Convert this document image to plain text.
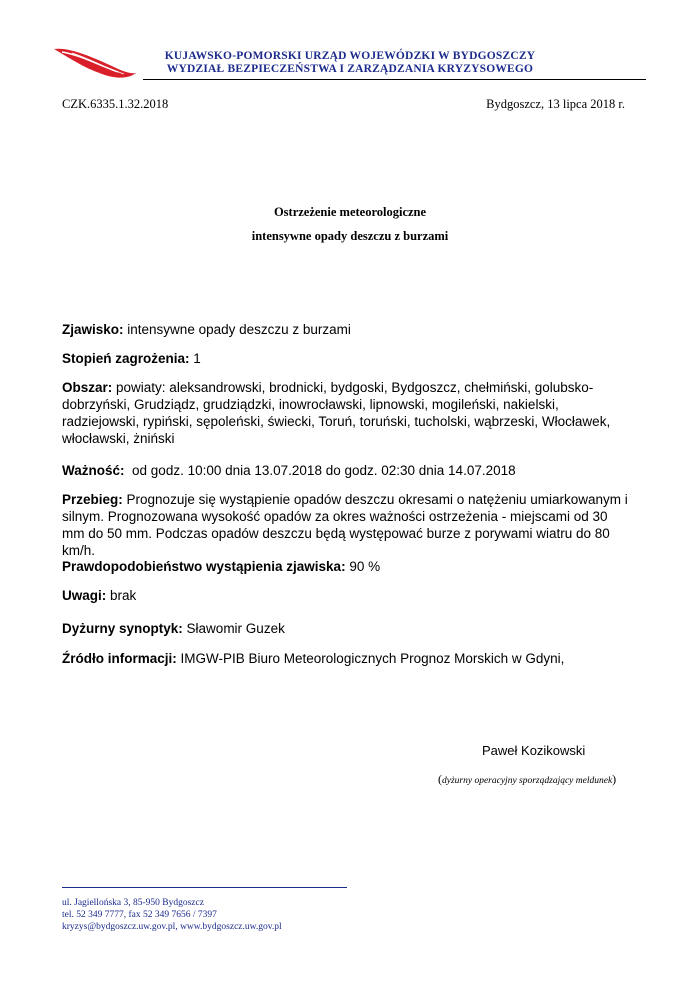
KUJAWSKO-POMORSKI URZĄD WOJEWÓDZKI W BYDGOSZCZY
WYDZIAŁ BEZPIECZEŃSTWA I ZARZĄDZANIA KRYZYSOWEGO
CZK.6335.1.32.2018	Bydgoszcz, 13 lipca 2018 r.
Ostrzeżenie meteorologiczne
intensywne opady deszczu z burzami
Zjawisko: intensywne opady deszczu z burzami
Stopień zagrożenia: 1
Obszar: powiaty: aleksandrowski, brodnicki, bydgoski, Bydgoszcz, chełmiński, golubsko-dobrzyński, Grudziądz, grudziądzki, inowrocławski, lipnowski, mogileński, nakielski, radziejowski, rypiński, sępoleński, świecki, Toruń, toruński, tucholski, wąbrzeski, Włocławek, włocławski, żniński
Ważność: od godz. 10:00 dnia 13.07.2018 do godz. 02:30 dnia 14.07.2018
Przebieg: Prognozuje się wystąpienie opadów deszczu okresami o natężeniu umiarkowanym i silnym. Prognozowana wysokość opadów za okres ważności ostrzeżenia - miejscami od 30 mm do 50 mm. Podczas opadów deszczu będą występować burze z porywami wiatru do 80 km/h.
Prawdopodobieństwo wystąpienia zjawiska: 90 %
Uwagi: brak
Dyżurny synoptyk: Sławomir Guzek
Źródło informacji: IMGW-PIB Biuro Meteorologicznych Prognoz Morskich w Gdyni,
Paweł Kozikowski
(dyżurny operacyjny sporządzający meldunek)
ul. Jagiellońska 3, 85-950 Bydgoszcz
tel. 52 349 7777, fax 52 349 7656 / 7397
kryzys@bydgoszcz.uw.gov.pl, www.bydgoszcz.uw.gov.pl
